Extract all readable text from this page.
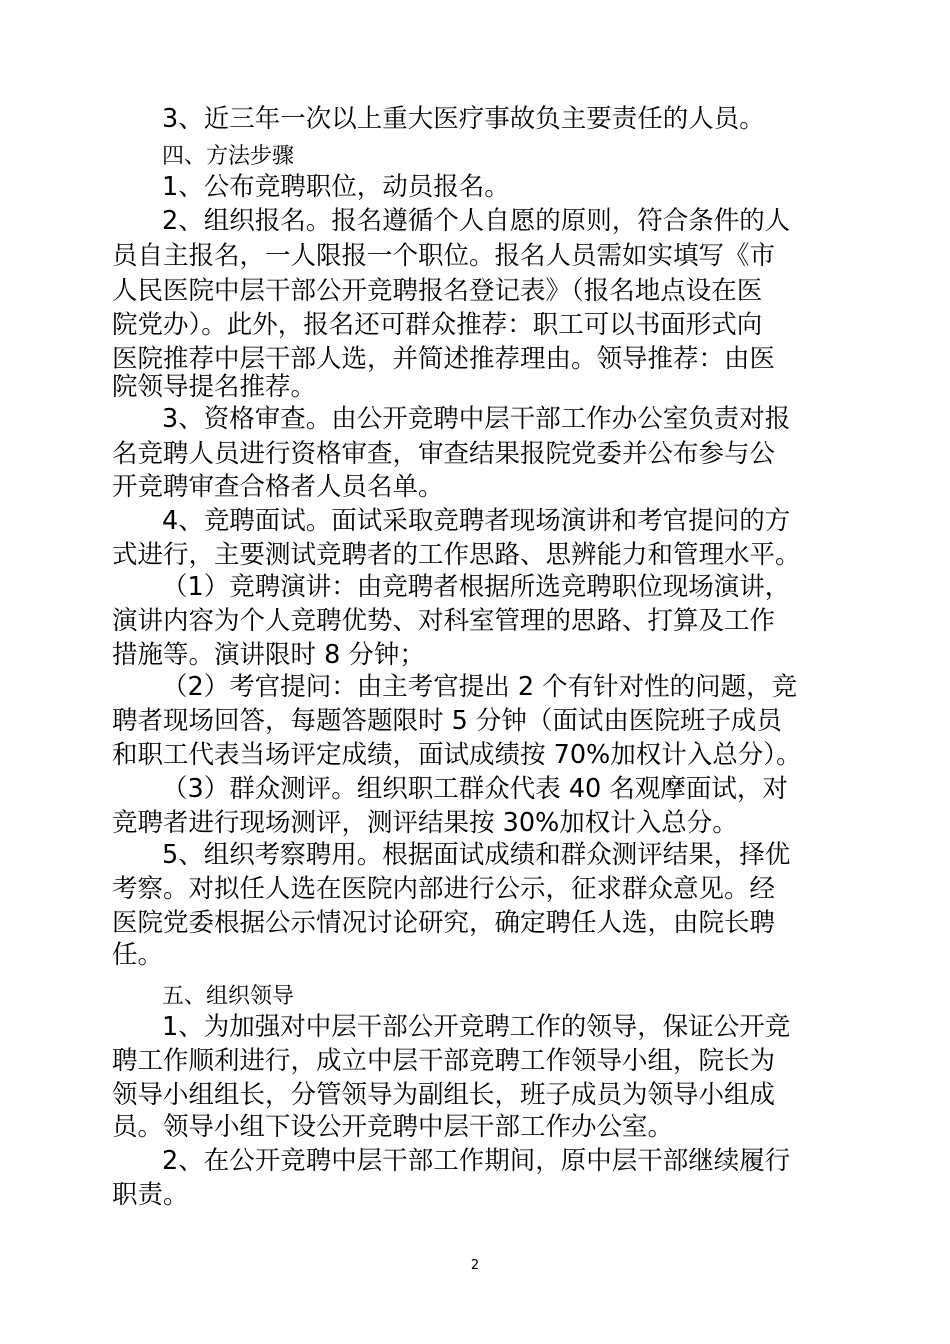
3、近三年一次以上重大医疗事故负主要责任的人员。
四、方法步骤
1、公布竞聘职位，动员报名。
2、组织报名。报名遵循个人自愿的原则，符合条件的人
员自主报名，一人限报一个职位。报名人员需如实填写《市
人民医院中层干部公开竞聘报名登记表》（报名地点设在医
院党办）。此外，报名还可群众推荐：职工可以书面形式向
医院推荐中层干部人选，并简述推荐理由。领导推荐：由医
院领导提名推荐。
3、资格审查。由公开竞聘中层干部工作办公室负责对报
名竞聘人员进行资格审查，审查结果报院党委并公布参与公
开竞聘审查合格者人员名单。
4、竞聘面试。面试采取竞聘者现场演讲和考官提问的方
式进行，主要测试竞聘者的工作思路、思辨能力和管理水平。
（1）竞聘演讲：由竞聘者根据所选竞聘职位现场演讲，
演讲内容为个人竞聘优势、对科室管理的思路、打算及工作
措施等。演讲限时 8 分钟；
（2）考官提问：由主考官提出 2 个有针对性的问题，竞
聘者现场回答，每题答题限时 5 分钟（面试由医院班子成员
和职工代表当场评定成绩，面试成绩按 70%加权计入总分）。
（3）群众测评。组织职工群众代表 40 名观摩面试，对
竞聘者进行现场测评，测评结果按 30%加权计入总分。
5、组织考察聘用。根据面试成绩和群众测评结果，择优
考察。对拟任人选在医院内部进行公示，征求群众意见。经
医院党委根据公示情况讨论研究，确定聘任人选，由院长聘
任。
五、组织领导
1、为加强对中层干部公开竞聘工作的领导，保证公开竞
聘工作顺利进行，成立中层干部竞聘工作领导小组，院长为
领导小组组长，分管领导为副组长，班子成员为领导小组成
员。领导小组下设公开竞聘中层干部工作办公室。
2、在公开竞聘中层干部工作期间，原中层干部继续履行
职责。
2
